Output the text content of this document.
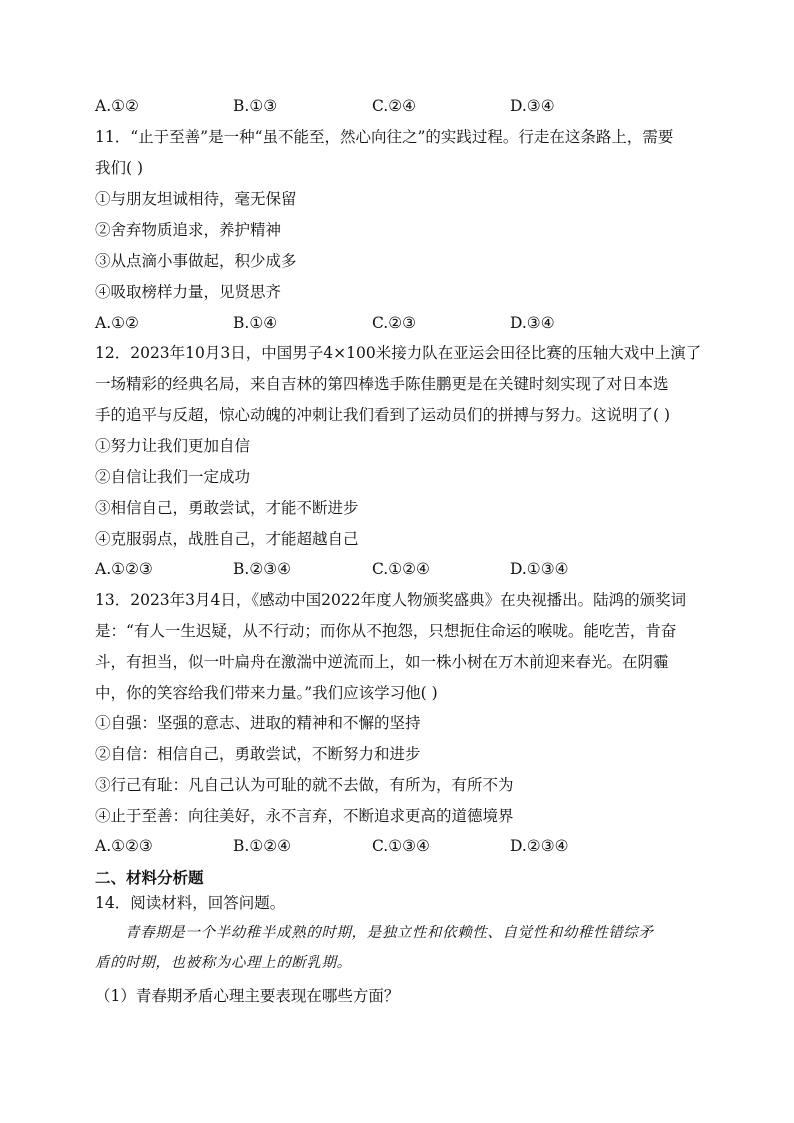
A.①②	B.①③	C.②④	D.③④
11．“止于至善”是一种“虽不能至，然心向往之”的实践过程。行走在这条路上，需要
我们( )
①与朋友坦诚相待，毫无保留
②舍弃物质追求，养护精神
③从点滴小事做起，积少成多
④吸取榜样力量，见贤思齐
A.①②	B.①④	C.②③	D.③④
12．2023年10月3日，中国男子4×100米接力队在亚运会田径比赛的压轴大戏中上演了
一场精彩的经典名局，来自吉林的第四棒选手陈佳鹏更是在关键时刻实现了对日本选
手的追平与反超，惊心动魄的冲刺让我们看到了运动员们的拼搏与努力。这说明了( )
①努力让我们更加自信
②自信让我们一定成功
③相信自己，勇敢尝试，才能不断进步
④克服弱点，战胜自己，才能超越自己
A.①②③	B.②③④	C.①②④	D.①③④
13．2023年3月4日，《感动中国2022年度人物颁奖盛典》在央视播出。陆鸿的颁奖词
是：“有人一生迟疑，从不行动；而你从不抱怨，只想扼住命运的喉咙。能吃苦，肯奋
斗，有担当，似一叶扁舟在激湍中逆流而上，如一株小树在万木前迎来春光。在阴霾
中，你的笑容给我们带来力量。”我们应该学习他( )
①自强：坚强的意志、进取的精神和不懈的坚持
②自信：相信自己，勇敢尝试，不断努力和进步
③行己有耻：凡自己认为可耻的就不去做，有所为，有所不为
④止于至善：向往美好，永不言弃，不断追求更高的道德境界
A.①②③	B.①②④	C.①③④	D.②③④
二、材料分析题
14．阅读材料，回答问题。
青春期是一个半幼稚半成熟的时期，是独立性和依赖性、自觉性和幼稚性错综矛
盾的时期，也被称为心理上的断乳期。
（1）青春期矛盾心理主要表现在哪些方面？
